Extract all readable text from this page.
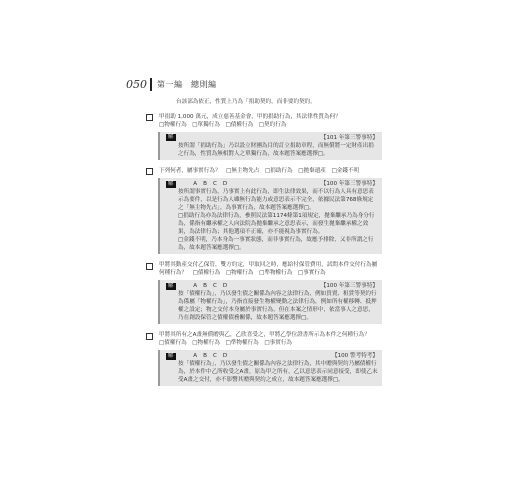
050 第一編　總則編
台該部為依正，性質上乃為「捐助契約，而非要約契約。
甲捐助 1,000 萬元，成立慈善基金會，甲的捐助行為，其法律性質為何？
□物權行為　□單獨行為　□債權行為　□契約行為
解	【101 年第三警事特】
按所謂「捐助行為」乃以設立財團為目的訂立捐助章程，而無償將一定財產出捐之行為，性質為無相對人之單獨行為，故本題答案應選擇□。
下列何者，屬事實行為？　□無主物先占　□捐助行為　□拋棄遺產　□金錢不明
解	A B C D	【100 年第三警事特】
按所謂事實行為，乃事實上有此行為，即生法律效果，而不以行為人具有意思表示為要件，以是行為人雖無行為能力或意思表示不完全，依據民法第768條規定之「無主物先占」，為事實行為，故本題答案應選擇□。
□捐助行為亦為法律行為，參照民法第1174條第1項規定，拋棄繼承乃為身分行為，係指有繼承權之人向法院為拋棄繼承之意思表示，而發生拋棄繼承權之效果，為法律行為；其他選項不正確，亦不能視為事實行為。
□金錢不明，乃本身為一事實狀態，而非事實行為，故應予排除，又非所謂之行為，故本題答案應選擇□。
甲將其動產交付乙保管，雙方約定，甲取回之時，應給付保管費用，試問本件交付行為屬何種行為？　□債權行為　□物權行為　□準物權行為　□事實行為
解	A B C D	【100 年第三警事特】
按「債權行為」，乃以發生債之關係為內容之法律行為，例如買賣、租賃等契約行為係屬「物權行為」，乃指直接發生物權變動之法律行為，例如所有權移轉、抵押權之設定；物之交付本身屬於事實行為，但在本案之情形中，依當事人之意思，乃在創設保管之債權債務關係，故本題答案應選擇□。
甲將其所有之A畫無償贈與乙，乙欣喜受之，甲將乙學位證書所示為本件之何種行為？
□債權行為　□物權行為　□準物權行為　□事實行為
解	A B C D	【100 警考特考】
按「債權行為」，乃以發生債之關係為內容之法律行為，其中贈與契約乃屬債權行為，於本件中乙所收受之A畫，原為甲之所有，乙以意思表示同意接受，即使乙未受A畫之交付，亦不影響其贈與契約之成立，故本題答案應選擇□。
